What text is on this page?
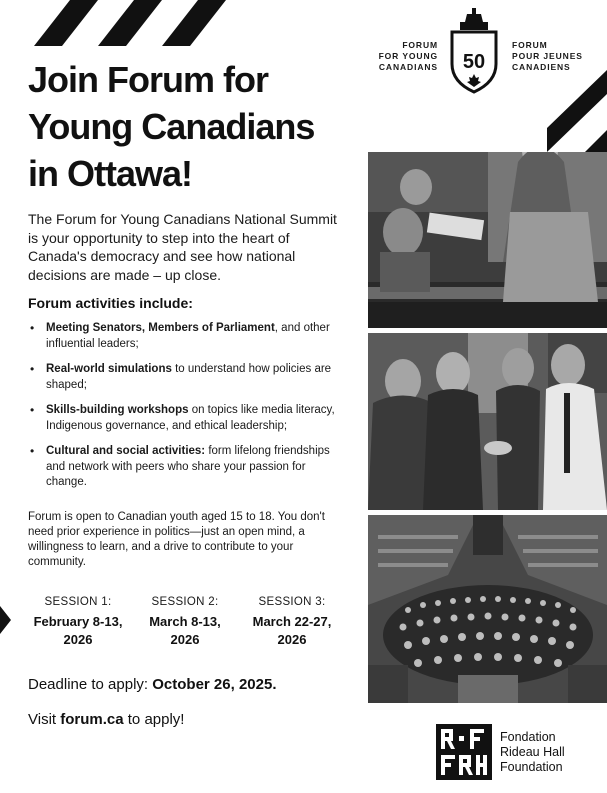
FORUM
FOR YOUNG
CANADIANS 50
FORUM
POUR JEUNES
CANADIENS
Join Forum for
Young Canadians
in Ottawa!

The Forum for Young Canadians National Summit is your opportunity to step into the heart of Canada's democracy and see how national decisions are made – up close.

Forum activities include:
• Meeting Senators, Members of Parliament, and other influential leaders;
• Real-world simulations to understand how policies are shaped;
• Skills-building workshops on topics like media literacy, Indigenous governance, and ethical leadership;
• Cultural and social activities: form lifelong friendships and network with peers who share your passion for change.

Forum is open to Canadian youth aged 15 to 18. You don't need prior experience in politics—just an open mind, a willingness to learn, and a drive to contribute to your community.

SESSION 1:
February 8-13,
2026
SESSION 2:
March 8-13,
2026
SESSION 3:
March 22-27,
2026
Deadline to apply: October 26, 2025.
Visit forum.ca to apply!
Fondation
Rideau Hall
Foundation
